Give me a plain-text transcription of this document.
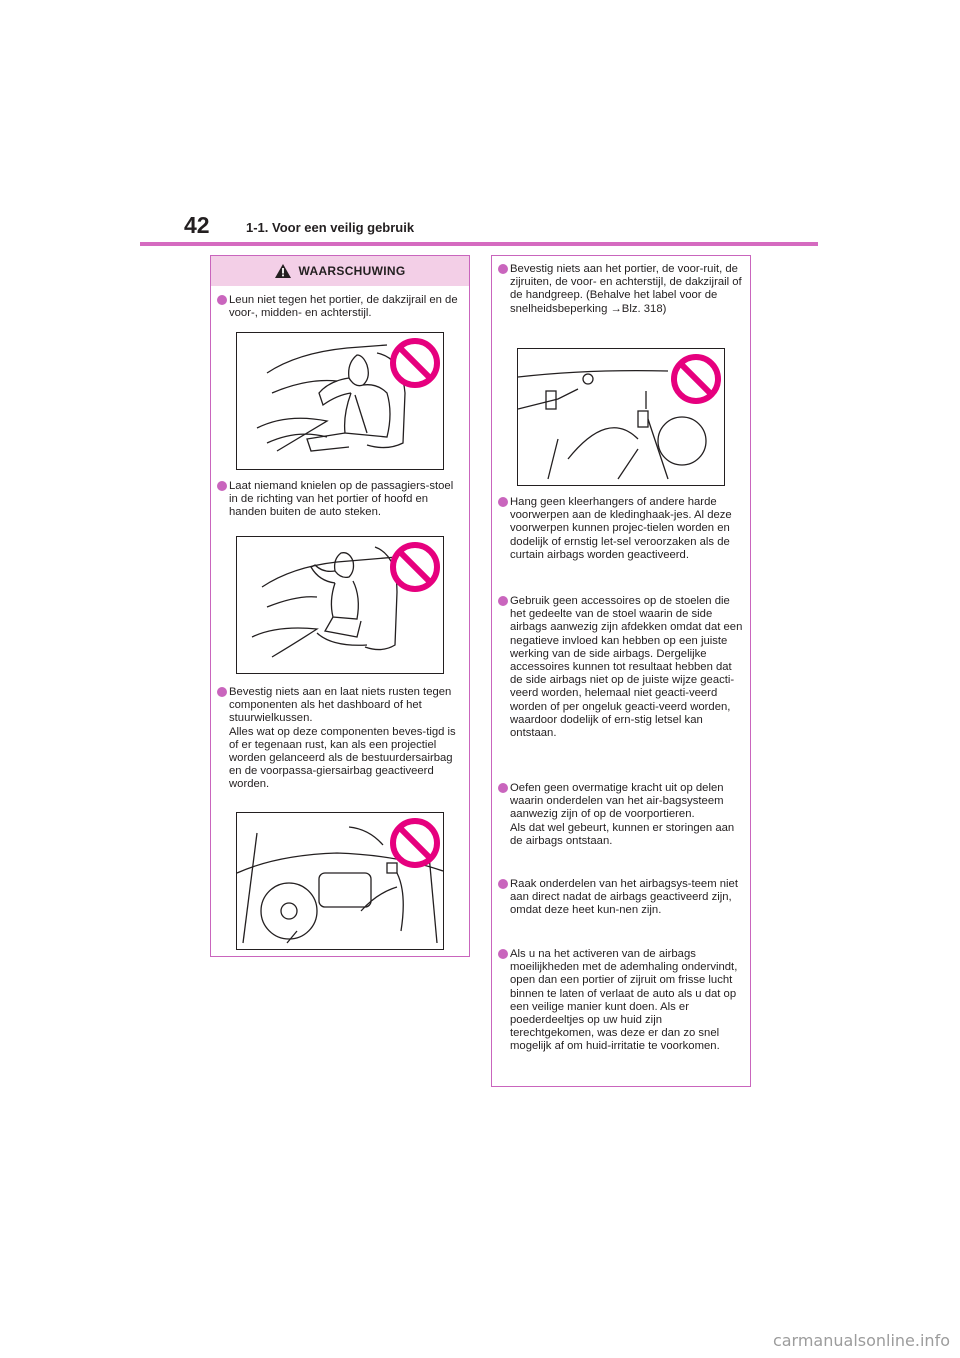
42	1-1. Voor een veilig gebruik
WAARSCHUWING
Leun niet tegen het portier, de dakzijrail en de voor-, midden- en achterstijl.
Laat niemand knielen op de passagiers-stoel in de richting van het portier of hoofd en handen buiten de auto steken.
Bevestig niets aan en laat niets rusten tegen componenten als het dashboard of het stuurwielkussen.
Alles wat op deze componenten beves-tigd is of er tegenaan rust, kan als een projectiel worden gelanceerd als de bestuurdersairbag en de voorpassa-giersairbag geactiveerd worden.
Bevestig niets aan het portier, de voor-ruit, de zijruiten, de voor- en achterstijl, de dakzijrail of de handgreep. (Behalve het label voor de snelheidsbeperking →Blz. 318)
Hang geen kleerhangers of andere harde voorwerpen aan de kledinghaak-jes. Al deze voorwerpen kunnen projec-tielen worden en dodelijk of ernstig let-sel veroorzaken als de curtain airbags worden geactiveerd.
Gebruik geen accessoires op de stoelen die het gedeelte van de stoel waarin de side airbags aanwezig zijn afdekken omdat dat een negatieve invloed kan hebben op een juiste werking van de side airbags. Dergelijke accessoires kunnen tot resultaat hebben dat de side airbags niet op de juiste wijze geacti-veerd worden, helemaal niet geacti-veerd worden of per ongeluk geacti-veerd worden, waardoor dodelijk of ern-stig letsel kan ontstaan.
Oefen geen overmatige kracht uit op delen waarin onderdelen van het air-bagsysteem aanwezig zijn of op de voorportieren.
Als dat wel gebeurt, kunnen er storingen aan de airbags ontstaan.
Raak onderdelen van het airbagsys-teem niet aan direct nadat de airbags geactiveerd zijn, omdat deze heet kun-nen zijn.
Als u na het activeren van de airbags moeilijkheden met de ademhaling ondervindt, open dan een portier of zijruit om frisse lucht binnen te laten of verlaat de auto als u dat op een veilige manier kunt doen. Als er poederdeeltjes op uw huid zijn terechtgekomen, was deze er dan zo snel mogelijk af om huid-irritatie te voorkomen.
carmanualsonline.info
